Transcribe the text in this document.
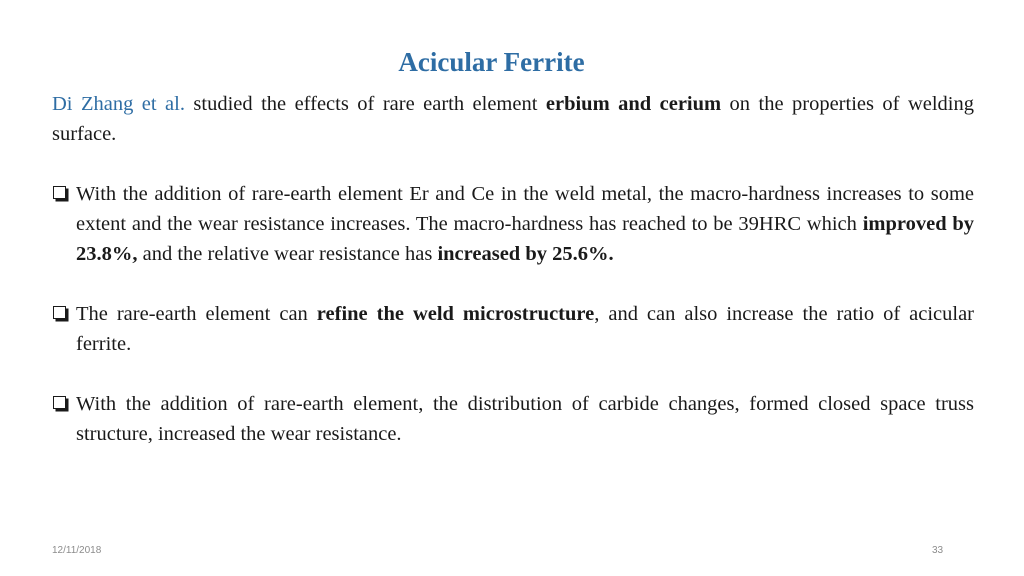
Acicular Ferrite

Di Zhang et al. studied the effects of rare earth element erbium and cerium on the properties of welding surface.

With the addition of rare-earth element Er and Ce in the weld metal, the macro-hardness increases to some extent and the wear resistance increases. The macro-hardness has reached to be 39HRC which improved by 23.8%, and the relative wear resistance has increased by 25.6%.
The rare-earth element can refine the weld microstructure, and can also increase the ratio of acicular ferrite.
With the addition of rare-earth element, the distribution of carbide changes, formed closed space truss structure, increased the wear resistance.
12/11/2018	33
